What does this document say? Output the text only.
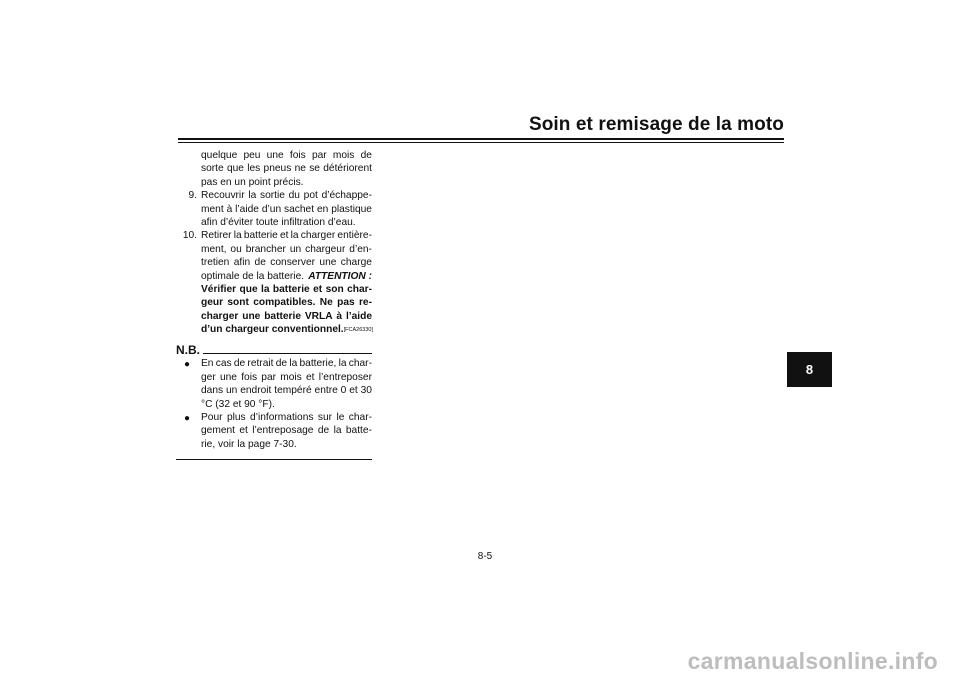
Soin et remisage de la moto
quelque peu une fois par mois de
sorte que les pneus ne se détériorent
pas en un point précis.
9. Recouvrir la sortie du pot d’échappe-
ment à l’aide d’un sachet en plastique
afin d’éviter toute infiltration d’eau.
10. Retirer la batterie et la charger entière-
ment, ou brancher un chargeur d’en-
tretien afin de conserver une charge
optimale de la batterie. ATTENTION :
Vérifier que la batterie et son char-
geur sont compatibles. Ne pas re-
charger une batterie VRLA à l’aide
d’un chargeur conventionnel.[FCA26330]
N.B.
● En cas de retrait de la batterie, la char-
ger une fois par mois et l’entreposer
dans un endroit tempéré entre 0 et 30
°C (32 et 90 °F).
● Pour plus d’informations sur le char-
gement et l’entreposage de la batte-
rie, voir la page 7-30.
8
8-5
carmanualsonline.info
